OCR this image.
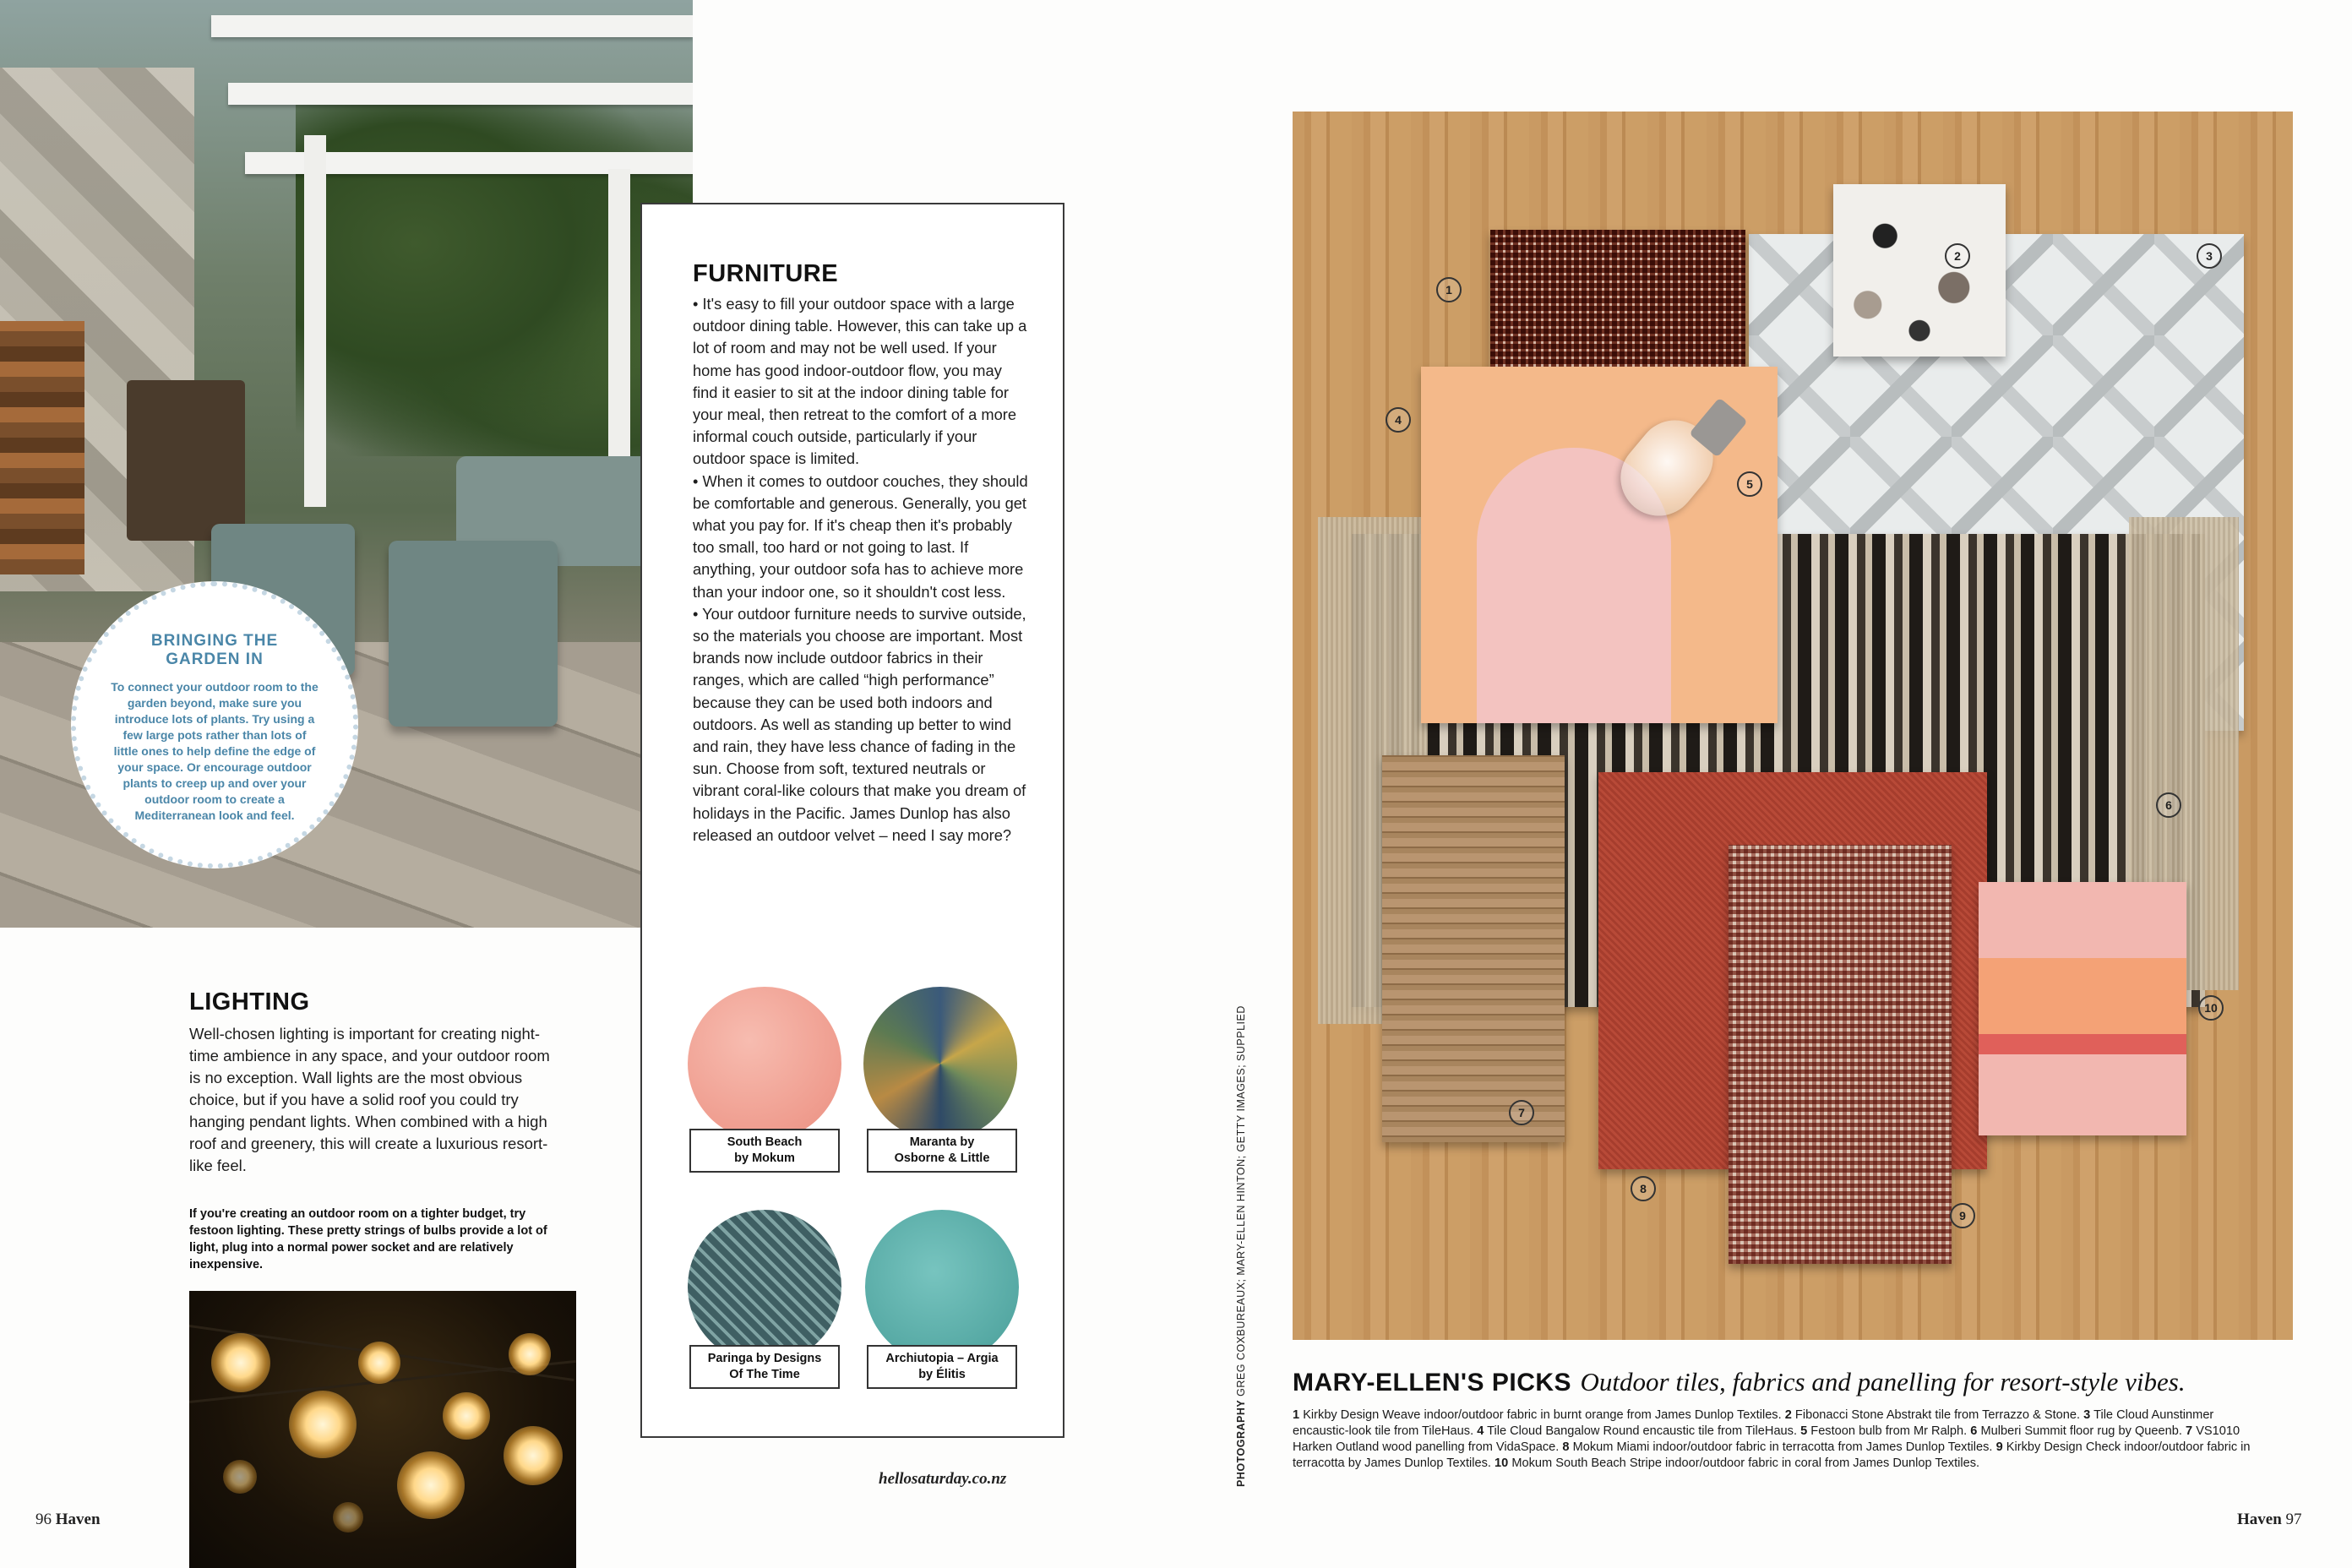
BRINGING THE GARDEN IN
To connect your outdoor room to the garden beyond, make sure you introduce lots of plants. Try using a few large pots rather than lots of little ones to help define the edge of your space. Or encourage outdoor plants to creep up and over your outdoor room to create a Mediterranean look and feel.
LIGHTING
Well-chosen lighting is important for creating night-time ambience in any space, and your outdoor room is no exception. Wall lights are the most obvious choice, but if you have a solid roof you could try hanging pendant lights. When combined with a high roof and greenery, this will create a luxurious resort-like feel.
If you're creating an outdoor room on a tighter budget, try festoon lighting. These pretty strings of bulbs provide a lot of light, plug into a normal power socket and are relatively inexpensive.
96 Haven
FURNITURE

• It's easy to fill your outdoor space with a large outdoor dining table. However, this can take up a lot of room and may not be well used. If your home has good indoor-outdoor flow, you may find it easier to sit at the indoor dining table for your meal, then retreat to the comfort of a more informal couch outside, particularly if your outdoor space is limited.

• When it comes to outdoor couches, they should be comfortable and generous. Generally, you get what you pay for. If it's cheap then it's probably too small, too hard or not going to last. If anything, your outdoor sofa has to achieve more than your indoor one, so it shouldn't cost less.

• Your outdoor furniture needs to survive outside, so the materials you choose are important. Most brands now include outdoor fabrics in their ranges, which are called “high performance” because they can be used both indoors and outdoors. As well as standing up better to wind and rain, they have less chance of fading in the sun. Choose from soft, textured neutrals or vibrant coral-like colours that make you dream of holidays in the Pacific. James Dunlop has also released an outdoor velvet – need I say more?

South Beach
by Mokum
Maranta by
Osborne & Little
Paringa by Designs
Of The Time
Archiutopia – Argia
by Élitis
hellosaturday.co.nz	PHOTOGRAPHY GREG COXBUREAUX; MARY-ELLEN HINTON; GETTY IMAGES; SUPPLIED
1
2	3
4
5
6
7
8
9
10
MARY-ELLEN'S PICKS Outdoor tiles, fabrics and panelling for resort-style vibes.
1 Kirkby Design Weave indoor/outdoor fabric in burnt orange from James Dunlop Textiles. 2 Fibonacci Stone Abstrakt tile from Terrazzo & Stone. 3 Tile Cloud Aunstinmer encaustic-look tile from TileHaus. 4 Tile Cloud Bangalow Round encaustic tile from TileHaus. 5 Festoon bulb from Mr Ralph. 6 Mulberi Summit floor rug by Queenb. 7 VS1010 Harken Outland wood panelling from VidaSpace. 8 Mokum Miami indoor/outdoor fabric in terracotta from James Dunlop Textiles. 9 Kirkby Design Check indoor/outdoor fabric in terracotta by James Dunlop Textiles. 10 Mokum South Beach Stripe indoor/outdoor fabric in coral from James Dunlop Textiles.
Haven 97
